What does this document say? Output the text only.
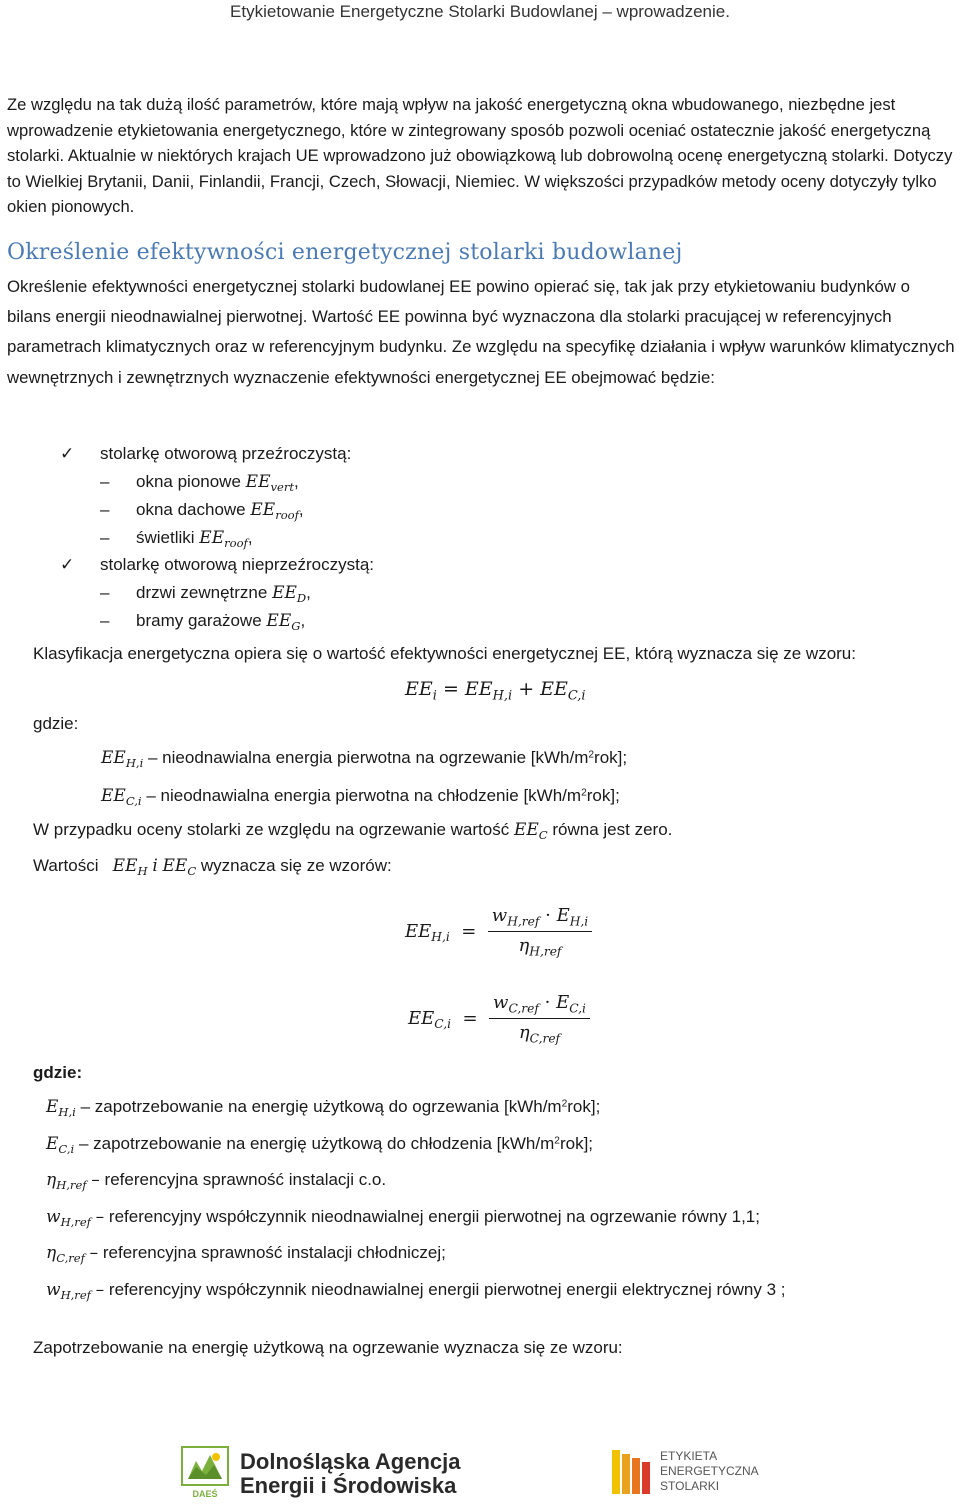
Etykietowanie Energetyczne Stolarki Budowlanej – wprowadzenie.
Ze względu na tak dużą ilość parametrów, które mają wpływ na jakość energetyczną okna wbudowanego, niezbędne jest wprowadzenie etykietowania energetycznego, które w zintegrowany sposób pozwoli oceniać ostatecznie jakość energetyczną stolarki. Aktualnie w niektórych krajach UE wprowadzono już obowiązkową lub dobrowolną ocenę energetyczną stolarki. Dotyczy to Wielkiej Brytanii, Danii, Finlandii, Francji, Czech, Słowacji, Niemiec. W większości przypadków metody oceny dotyczyły tylko okien pionowych.
Określenie efektywności energetycznej stolarki budowlanej
Określenie efektywności energetycznej stolarki budowlanej EE powino opierać się, tak jak przy etykietowaniu budynków o bilans energii nieodnawialnej pierwotnej. Wartość EE powinna być wyznaczona dla stolarki pracującej w referencyjnych parametrach klimatycznych oraz w referencyjnym budynku. Ze względu na specyfikę działania i wpływ warunków klimatycznych wewnętrznych i zewnętrznych wyznaczenie efektywności energetycznej EE obejmować będzie:
✓ stolarkę otworową przeźroczystą:
– okna pionowe $EE_{vert}$,
– okna dachowe $EE_{roof}$,
– świetliki $EE_{roof}$,
✓ stolarkę otworową nieprzeźroczystą:
– drzwi zewnętrzne $EE_D$,
– bramy garażowe $EE_G$,
Klasyfikacja energetyczna opiera się o wartość efektywności energetycznej EE, którą wyznacza się ze wzoru:
$EE_i = EE_{H,i} + EE_{C,i}$
gdzie:
$EE_{H,i}$ – nieodnawialna energia pierwotna na ogrzewanie $[kWh/m^2rok]$;
$EE_{C,i}$ – nieodnawialna energia pierwotna na chłodzenie $[kWh/m^2rok]$;
W przypadku oceny stolarki ze względu na ogrzewanie wartość $EE_C$ równa jest zero.
Wartości $EE_H$ i $EE_C$ wyznacza się ze wzorów:
$EE_{H,i} = \frac{w_{H,ref} \cdot E_{H,i}}{\eta_{H,ref}}$
$EE_{C,i} = \frac{w_{C,ref} \cdot E_{C,i}}{\eta_{C,ref}}$
gdzie:
$E_{H,i}$ – zapotrzebowanie na energię użytkową do ogrzewania $[kWh/m^2rok]$;
$E_{C,i}$ – zapotrzebowanie na energię użytkową do chłodzenia $[kWh/m^2rok]$;
$\eta_{H,ref}$ – referencyjna sprawność instalacji c.o.
$w_{H,ref}$ – referencyjny współczynnik nieodnawialnej energii pierwotnej na ogrzewanie równy 1,1;
$\eta_{C,ref}$ – referencyjna sprawność instalacji chłodniczej;
$w_{H,ref}$ – referencyjny współczynnik nieodnawialnej energii pierwotnej energii elektrycznej równy 3 ;
Zapotrzebowanie na energię użytkową na ogrzewanie wyznacza się ze wzoru:
DAEŚ
Dolnośląska Agencja
Energii i Środowiska
ETYKIETA
ENERGETYCZNA
STOLARKI
